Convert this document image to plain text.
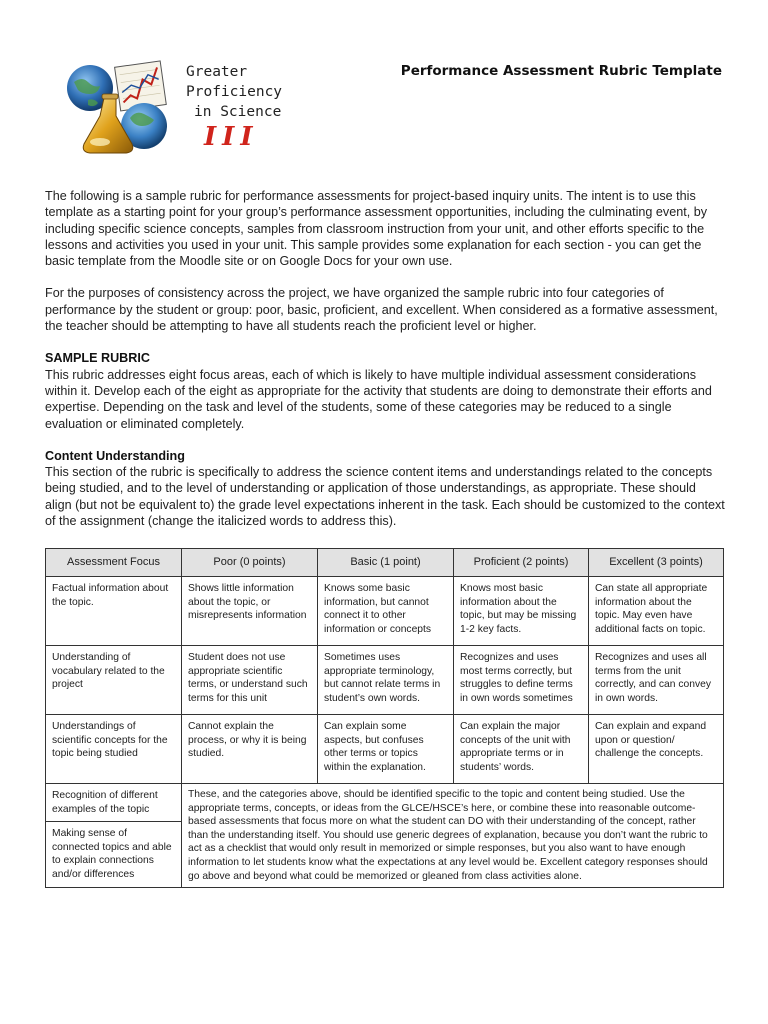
Greater
Proficiency
in Science
III
Performance Assessment Rubric Template

The following is a sample rubric for performance assessments for project-based inquiry units. The intent is to use this template as a starting point for your group’s performance assessment opportunities, including the culminating event, by including specific science concepts, samples from classroom instruction from your unit, and other efforts specific to the lessons and activities you used in your unit. This sample provides some explanation for each section - you can get the basic template from the Moodle site or on Google Docs for your own use.

For the purposes of consistency across the project, we have organized the sample rubric into four categories of performance by the student or group: poor, basic, proficient, and excellent. When considered as a formative assessment, the teacher should be attempting to have all students reach the proficient level or higher.

SAMPLE RUBRIC

This rubric addresses eight focus areas, each of which is likely to have multiple individual assessment considerations within it. Develop each of the eight as appropriate for the activity that students are doing to demonstrate their efforts and expertise. Depending on the task and level of the students, some of these categories may be reduced to a single evaluation or eliminated completely.

Content Understanding

This section of the rubric is specifically to address the science content items and understandings related to the concepts being studied, and to the level of understanding or application of those understandings, as appropriate. These should align (but not be equivalent to) the grade level expectations inherent in the task. Each should be customized to the context of the assignment (change the italicized words to address this).

Assessment Focus	Poor (0 points)	Basic (1 point)	Proficient (2 points)	Excellent (3 points)
Factual information about the topic.	Shows little information about the topic, or misrepresents information	Knows some basic information, but cannot connect it to other information or concepts	Knows most basic information about the topic, but may be missing 1-2 key facts.	Can state all appropriate information about the topic. May even have additional facts on topic.
Understanding of vocabulary related to the project	Student does not use appropriate scientific terms, or understand such terms for this unit	Sometimes uses appropriate terminology, but cannot relate terms in student’s own words.	Recognizes and uses most terms correctly, but struggles to define terms in own words sometimes	Recognizes and uses all terms from the unit correctly, and can convey in own words.
Understandings of scientific concepts for the topic being studied	Cannot explain the process, or why it is being studied.	Can explain some aspects, but confuses other terms or topics within the explanation.	Can explain the major concepts of the unit with appropriate terms or in students’ words.	Can explain and expand upon or question/ challenge the concepts.
Recognition of different examples of the topic	These, and the categories above, should be identified specific to the topic and content being studied. Use the appropriate terms, concepts, or ideas from the GLCE/HSCE’s here, or combine these into reasonable outcome-based assessments that focus more on what the student can DO with their understanding of the concept, rather than the understanding itself. You should use generic degrees of explanation, because you don’t want the rubric to act as a checklist that would only result in memorized or simple responses, but you also want to have enough information to let students know what the expectations at any level would be. Excellent category responses should go above and beyond what could be memorized or gleaned from class activities alone.			
Making sense of connected topics and able to explain connections and/or differences				
